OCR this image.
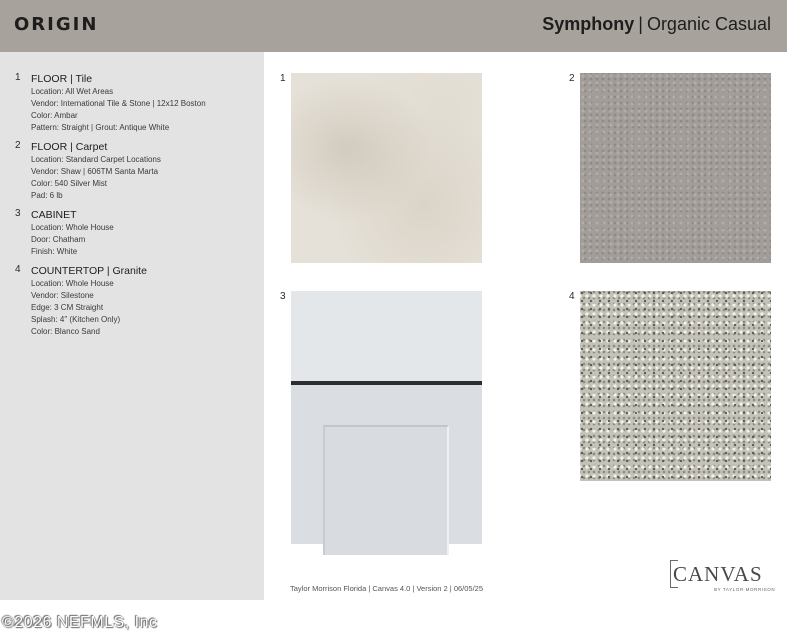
ORIGIN	Symphony | Organic Casual
1 FLOOR | Tile
Location: All Wet Areas
Vendor: International Tile & Stone | 12x12 Boston
Color: Ambar
Pattern: Straight | Grout: Antique White
2 FLOOR | Carpet
Location: Standard Carpet Locations
Vendor: Shaw | 606TM Santa Marta
Color: 540 Silver Mist
Pad: 6 lb
3 CABINET
Location: Whole House
Door: Chatham
Finish: White
4 COUNTERTOP | Granite
Location: Whole House
Vendor: Silestone
Edge: 3 CM Straight
Splash: 4" (Kitchen Only)
Color: Blanco Sand
©2026 NEFMLS, Inc
1	2
3	4
Taylor Morrison Florida | Canvas 4.0 | Version 2 | 06/05/25
CANVAS
BY TAYLOR MORRISON
